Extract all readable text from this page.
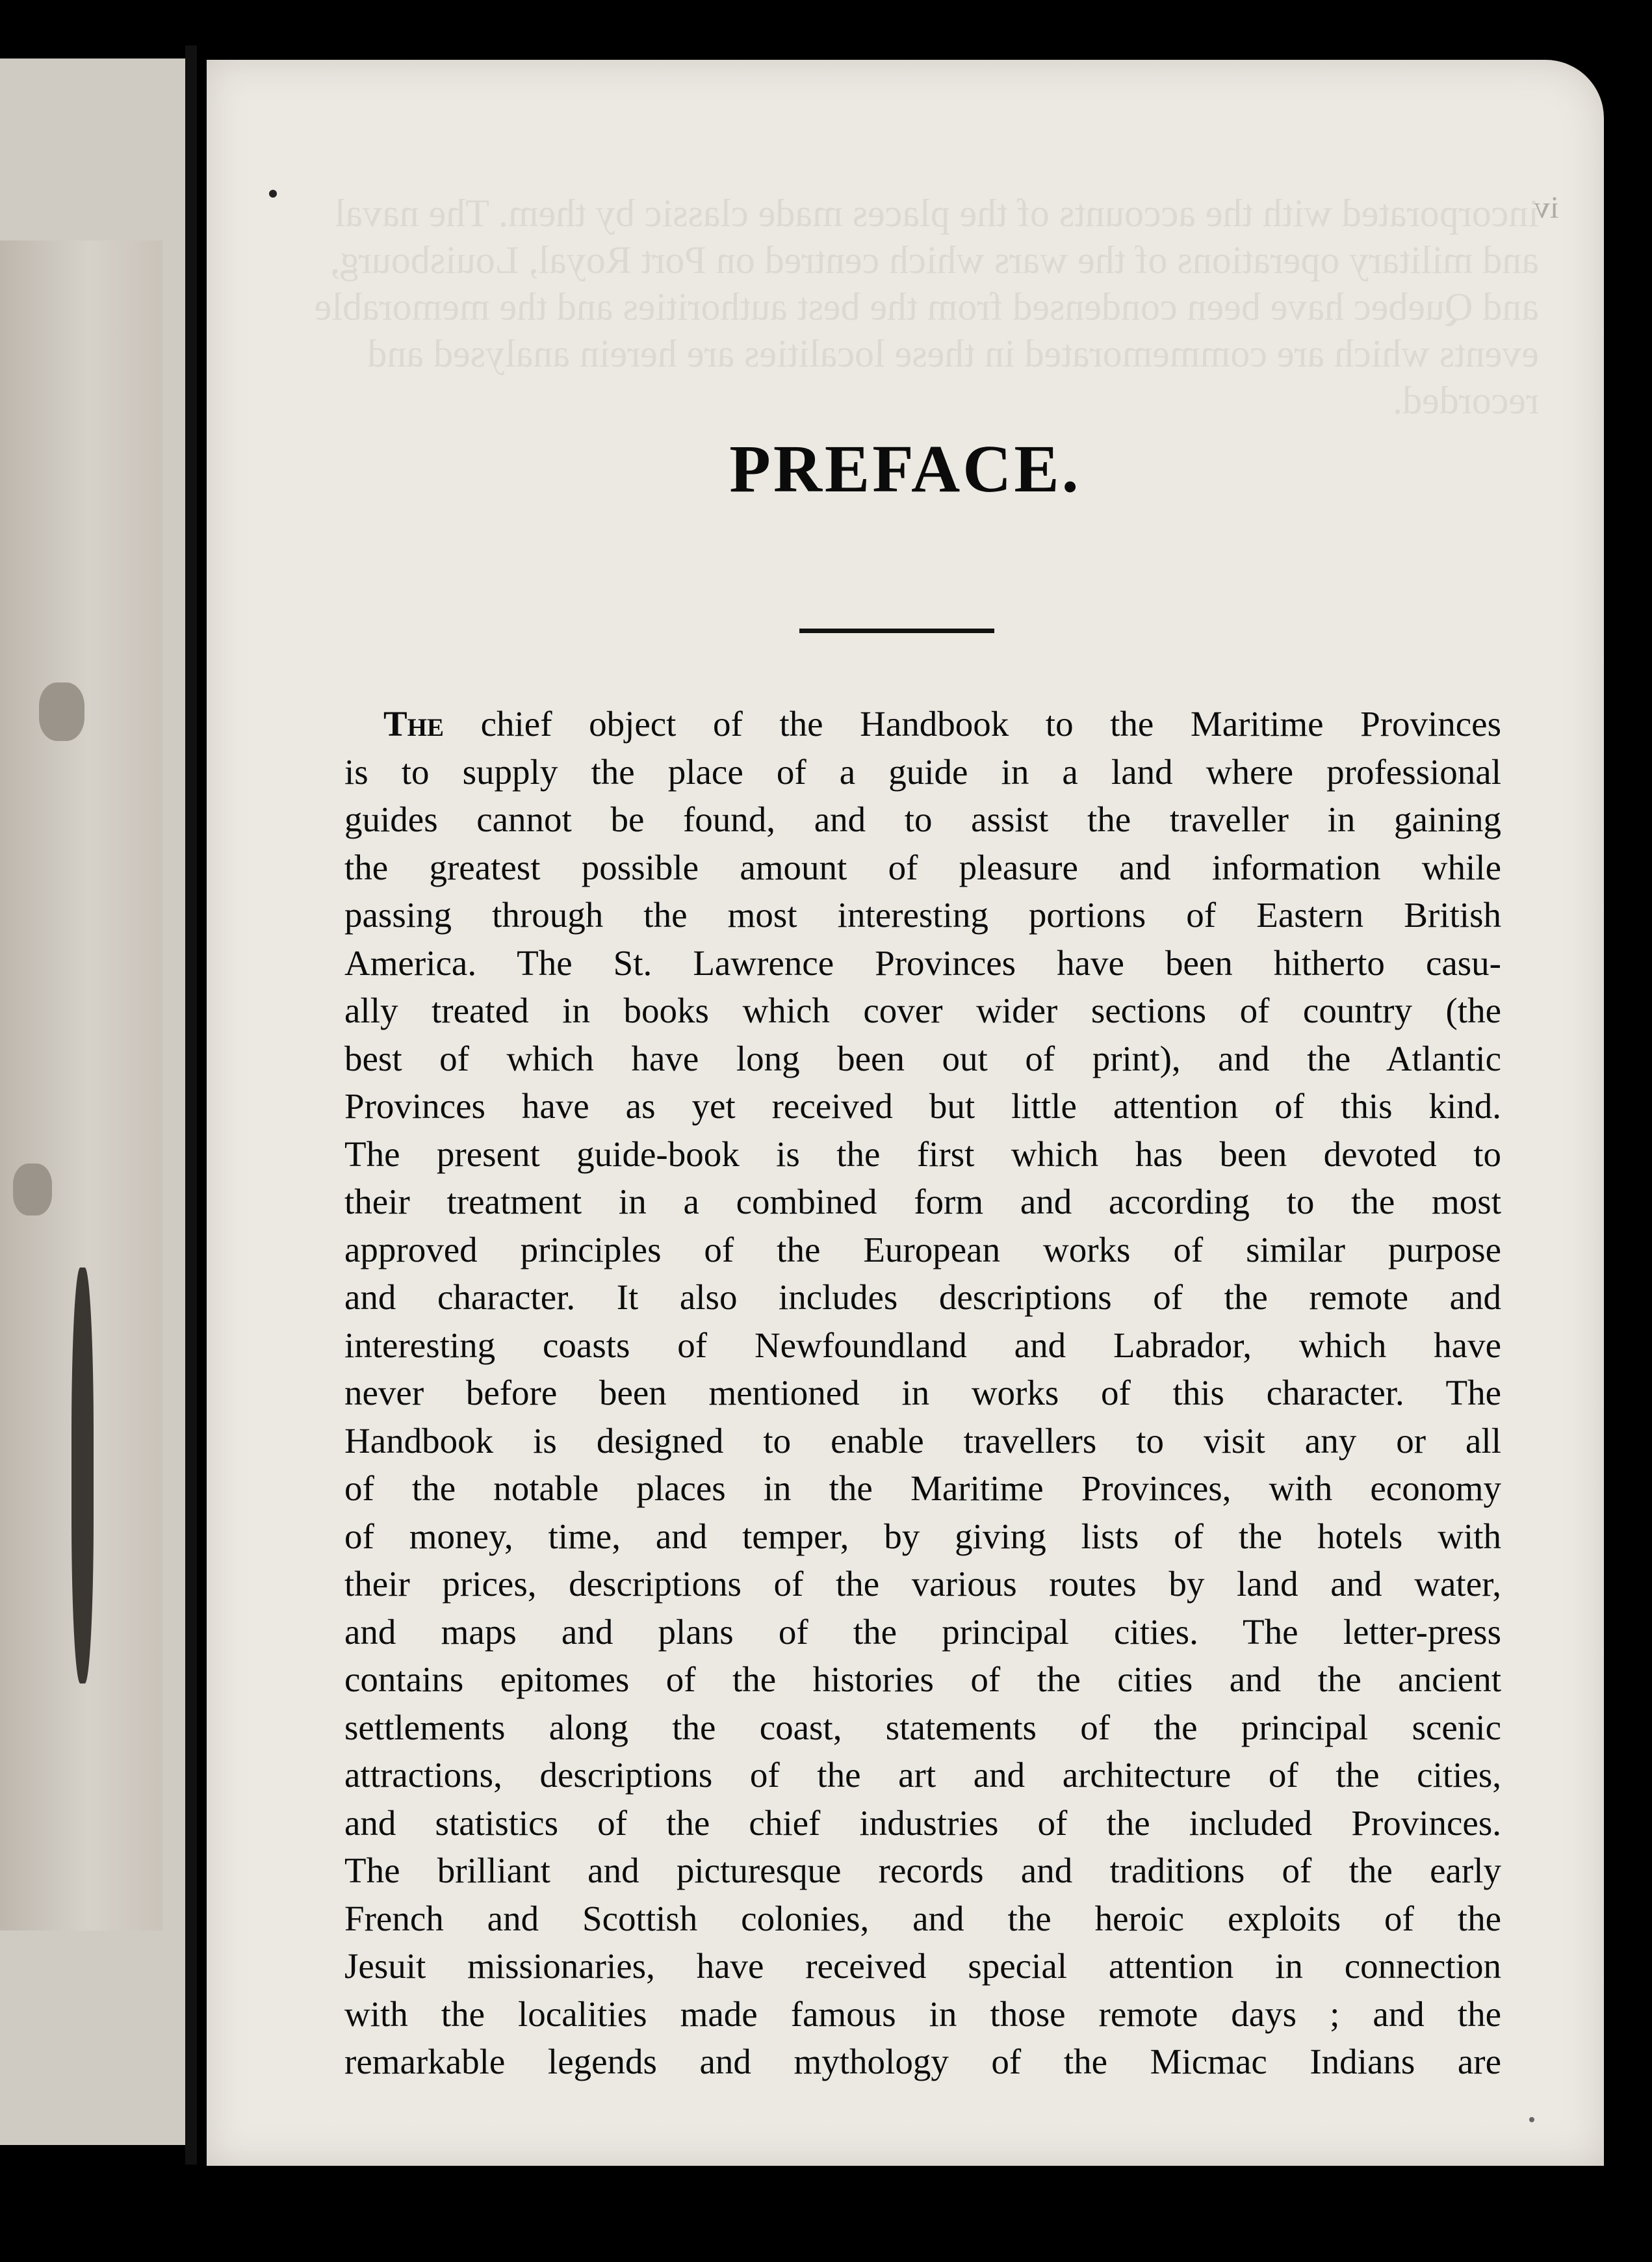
iv
incorporated with the accounts of the places made classic by them. The naval and military operations of the wars which centred on Port Royal, Louisbourg, and Quebec have been condensed from the best authorities and the memorable events which are commemorated in these localities are herein analysed and recorded.
PREFACE.

The chief object of the Handbook to the Maritime Provinces
is to supply the place of a guide in a land where professional
guides cannot be found, and to assist the traveller in gaining
the greatest possible amount of pleasure and information while
passing through the most interesting portions of Eastern British
America. The St. Lawrence Provinces have been hitherto casu-
ally treated in books which cover wider sections of country (the
best of which have long been out of print), and the Atlantic
Provinces have as yet received but little attention of this kind.
The present guide-book is the first which has been devoted to
their treatment in a combined form and according to the most
approved principles of the European works of similar purpose
and character. It also includes descriptions of the remote and
interesting coasts of Newfoundland and Labrador, which have
never before been mentioned in works of this character. The
Handbook is designed to enable travellers to visit any or all
of the notable places in the Maritime Provinces, with economy
of money, time, and temper, by giving lists of the hotels with
their prices, descriptions of the various routes by land and water,
and maps and plans of the principal cities. The letter-press
contains epitomes of the histories of the cities and the ancient
settlements along the coast, statements of the principal scenic
attractions, descriptions of the art and architecture of the cities,
and statistics of the chief industries of the included Provinces.
The brilliant and picturesque records and traditions of the early
French and Scottish colonies, and the heroic exploits of the
Jesuit missionaries, have received special attention in connection
with the localities made famous in those remote days ; and the
remarkable legends and mythology of the Micmac Indians are
